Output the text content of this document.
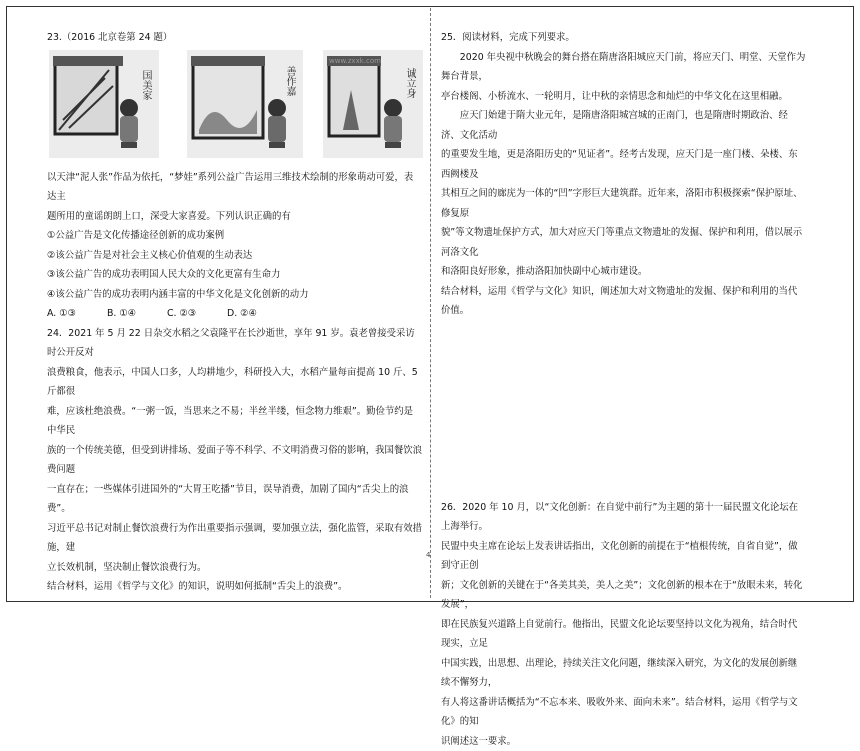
23.（2016 北京卷第 24 题）

国美家	善作嘉
www.zxxk.com
诚立身

以天津“泥人张”作品为依托，“梦娃”系列公益广告运用三维技术绘制的形象萌动可爱，表达主

题所用的童谣朗朗上口，深受大家喜爱。下列认识正确的有

①公益广告是文化传播途径创新的成功案例

②该公益广告是对社会主义核心价值观的生动表达

③该公益广告的成功表明国人民大众的文化更富有生命力

④该公益广告的成功表明内涵丰富的中华文化是文化创新的动力

A. ①③	B. ①④	C. ②③	D. ②④

24．2021 年 5 月 22 日杂交水稻之父袁隆平在长沙逝世，享年 91 岁。袁老曾接受采访时公开反对

浪费粮食，他表示，中国人口多，人均耕地少，科研投入大，水稻产量每亩提高 10 斤、5 斤都很

难，应该杜绝浪费。“一粥一饭，当思来之不易；半丝半缕，恒念物力维艰”。勤俭节约是中华民

族的一个传统美德，但受到讲排场、爱面子等不科学、不文明消费习俗的影响，我国餐饮浪费问题

一直存在；一些媒体引进国外的“大胃王吃播”节目，误导消费，加剧了国内“舌尖上的浪费”。

习近平总书记对制止餐饮浪费行为作出重要指示强调，要加强立法，强化监管，采取有效措施，建

立长效机制，坚决制止餐饮浪费行为。

结合材料，运用《哲学与文化》的知识，说明如何抵制“舌尖上的浪费”。

25．阅读材料，完成下列要求。

2020 年央视中秋晚会的舞台搭在隋唐洛阳城应天门前，将应天门、明堂、天堂作为舞台背景，

亭台楼阁、小桥流水、一轮明月，让中秋的亲情思念和灿烂的中华文化在这里相融。

应天门始建于隋大业元年，是隋唐洛阳城宫城的正南门，也是隋唐时期政治、经济、文化活动

的重要发生地，更是洛阳历史的“见证者”。经考古发现，应天门是一座门楼、朵楼、东西阙楼及

其相互之间的廊庑为一体的“凹”字形巨大建筑群。近年来，洛阳市积极探索“保护原址、修复原

貌”等文物遗址保护方式，加大对应天门等重点文物遗址的发掘、保护和利用，借以展示河洛文化

和洛阳良好形象，推动洛阳加快副中心城市建设。

结合材料，运用《哲学与文化》知识，阐述加大对文物遗址的发掘、保护和利用的当代价值。

26．2020 年 10 月，以“文化创新：在自觉中前行”为主题的第十一届民盟文化论坛在上海举行。

民盟中央主席在论坛上发表讲话指出，文化创新的前提在于“植根传统，自省自觉”，做到守正创

新；文化创新的关键在于“各美其美，美人之美”；文化创新的根本在于“放眼未来，转化发展”，

即在民族复兴道路上自觉前行。他指出，民盟文化论坛要坚持以文化为视角，结合时代现实，立足

中国实践，出思想、出理论，持续关注文化问题，继续深入研究，为文化的发展创新继续不懈努力，

有人将这番讲话概括为“不忘本来、吸收外来、面向未来”。结合材料，运用《哲学与文化》的知

识阐述这一要求。

4
